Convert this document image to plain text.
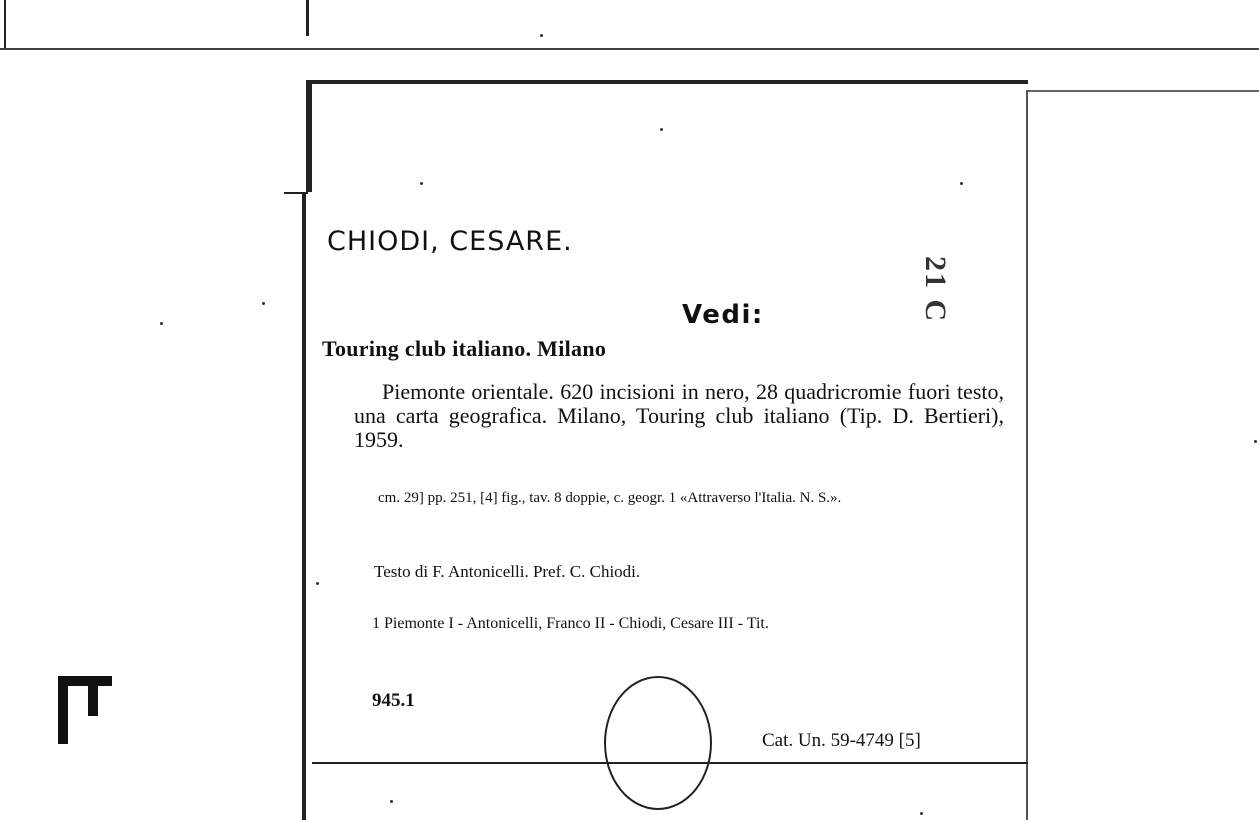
CHIODI, CESARE.
21 C
Vedi:
Touring club italiano. Milano
Piemonte orientale. 620 incisioni in nero, 28 quadricromie fuori testo, una carta geografica. Milano, Touring club italiano (Tip. D. Bertieri), 1959.
cm. 29] pp. 251, [4] fig., tav. 8 doppie, c. geogr. 1 «Attraverso l'Italia. N. S.».
Testo di F. Antonicelli. Pref. C. Chiodi.
1 Piemonte I - Antonicelli, Franco II - Chiodi, Cesare III - Tit.
945.1
Cat. Un. 59-4749 [5]
